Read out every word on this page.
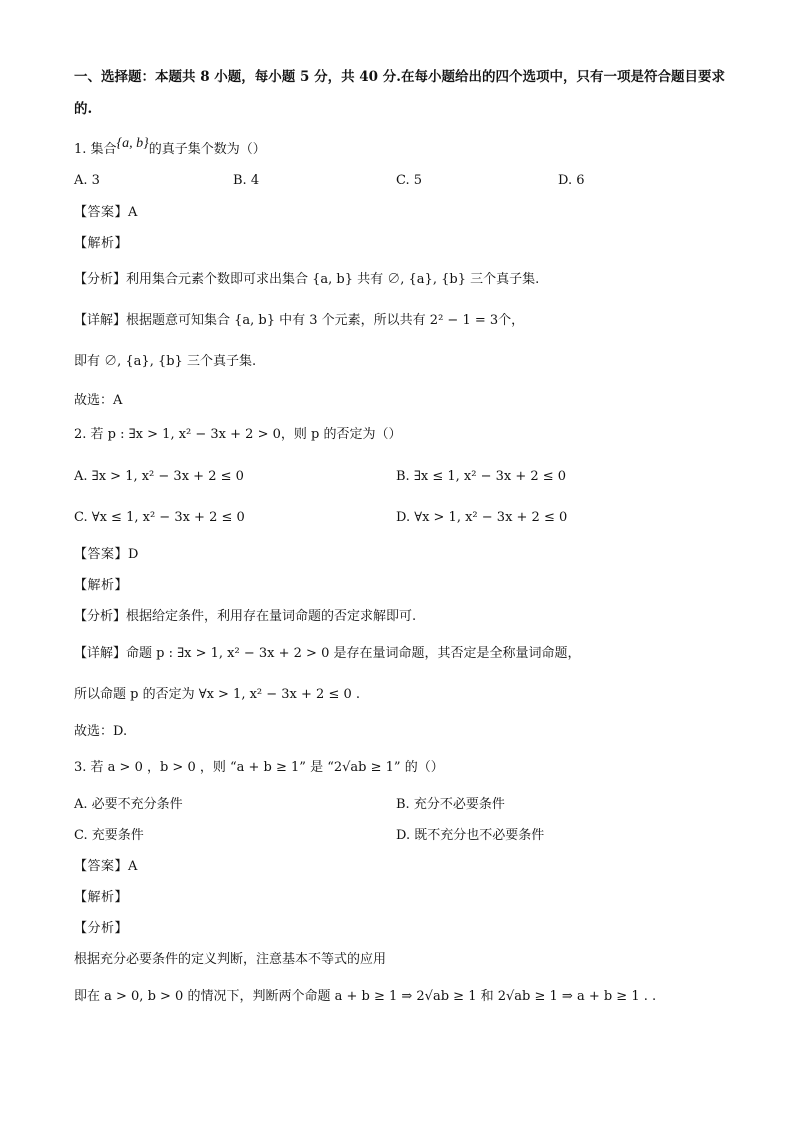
一、选择题：本题共 8 小题，每小题 5 分，共 40 分.在每小题给出的四个选项中，只有一项是符合题目要求
的.
1. 集合{a, b}的真子集个数为（）
A. 3	B. 4	C. 5	D. 6
【答案】A
【解析】
【分析】利用集合元素个数即可求出集合 {a, b} 共有 ∅, {a}, {b} 三个真子集.
【详解】根据题意可知集合 {a, b} 中有 3 个元素，所以共有 2² − 1 = 3个，
即有 ∅, {a}, {b} 三个真子集.
故选：A
2. 若 p : ∃x > 1, x² − 3x + 2 > 0，则 p 的否定为（）
A. ∃x > 1, x² − 3x + 2 ≤ 0	B. ∃x ≤ 1, x² − 3x + 2 ≤ 0
C. ∀x ≤ 1, x² − 3x + 2 ≤ 0	D. ∀x > 1, x² − 3x + 2 ≤ 0
【答案】D
【解析】
【分析】根据给定条件，利用存在量词命题的否定求解即可.
【详解】命题 p : ∃x > 1, x² − 3x + 2 > 0 是存在量词命题，其否定是全称量词命题，
所以命题 p 的否定为 ∀x > 1, x² − 3x + 2 ≤ 0 .
故选：D.
3. 若 a > 0 ，b > 0 ，则 “a + b ≥ 1” 是 “2√ab ≥ 1” 的（）
A. 必要不充分条件	B. 充分不必要条件
C. 充要条件	D. 既不充分也不必要条件
【答案】A
【解析】
【分析】
根据充分必要条件的定义判断，注意基本不等式的应用
即在 a > 0, b > 0 的情况下，判断两个命题 a + b ≥ 1 ⇒ 2√ab ≥ 1 和 2√ab ≥ 1 ⇒ a + b ≥ 1 . .
